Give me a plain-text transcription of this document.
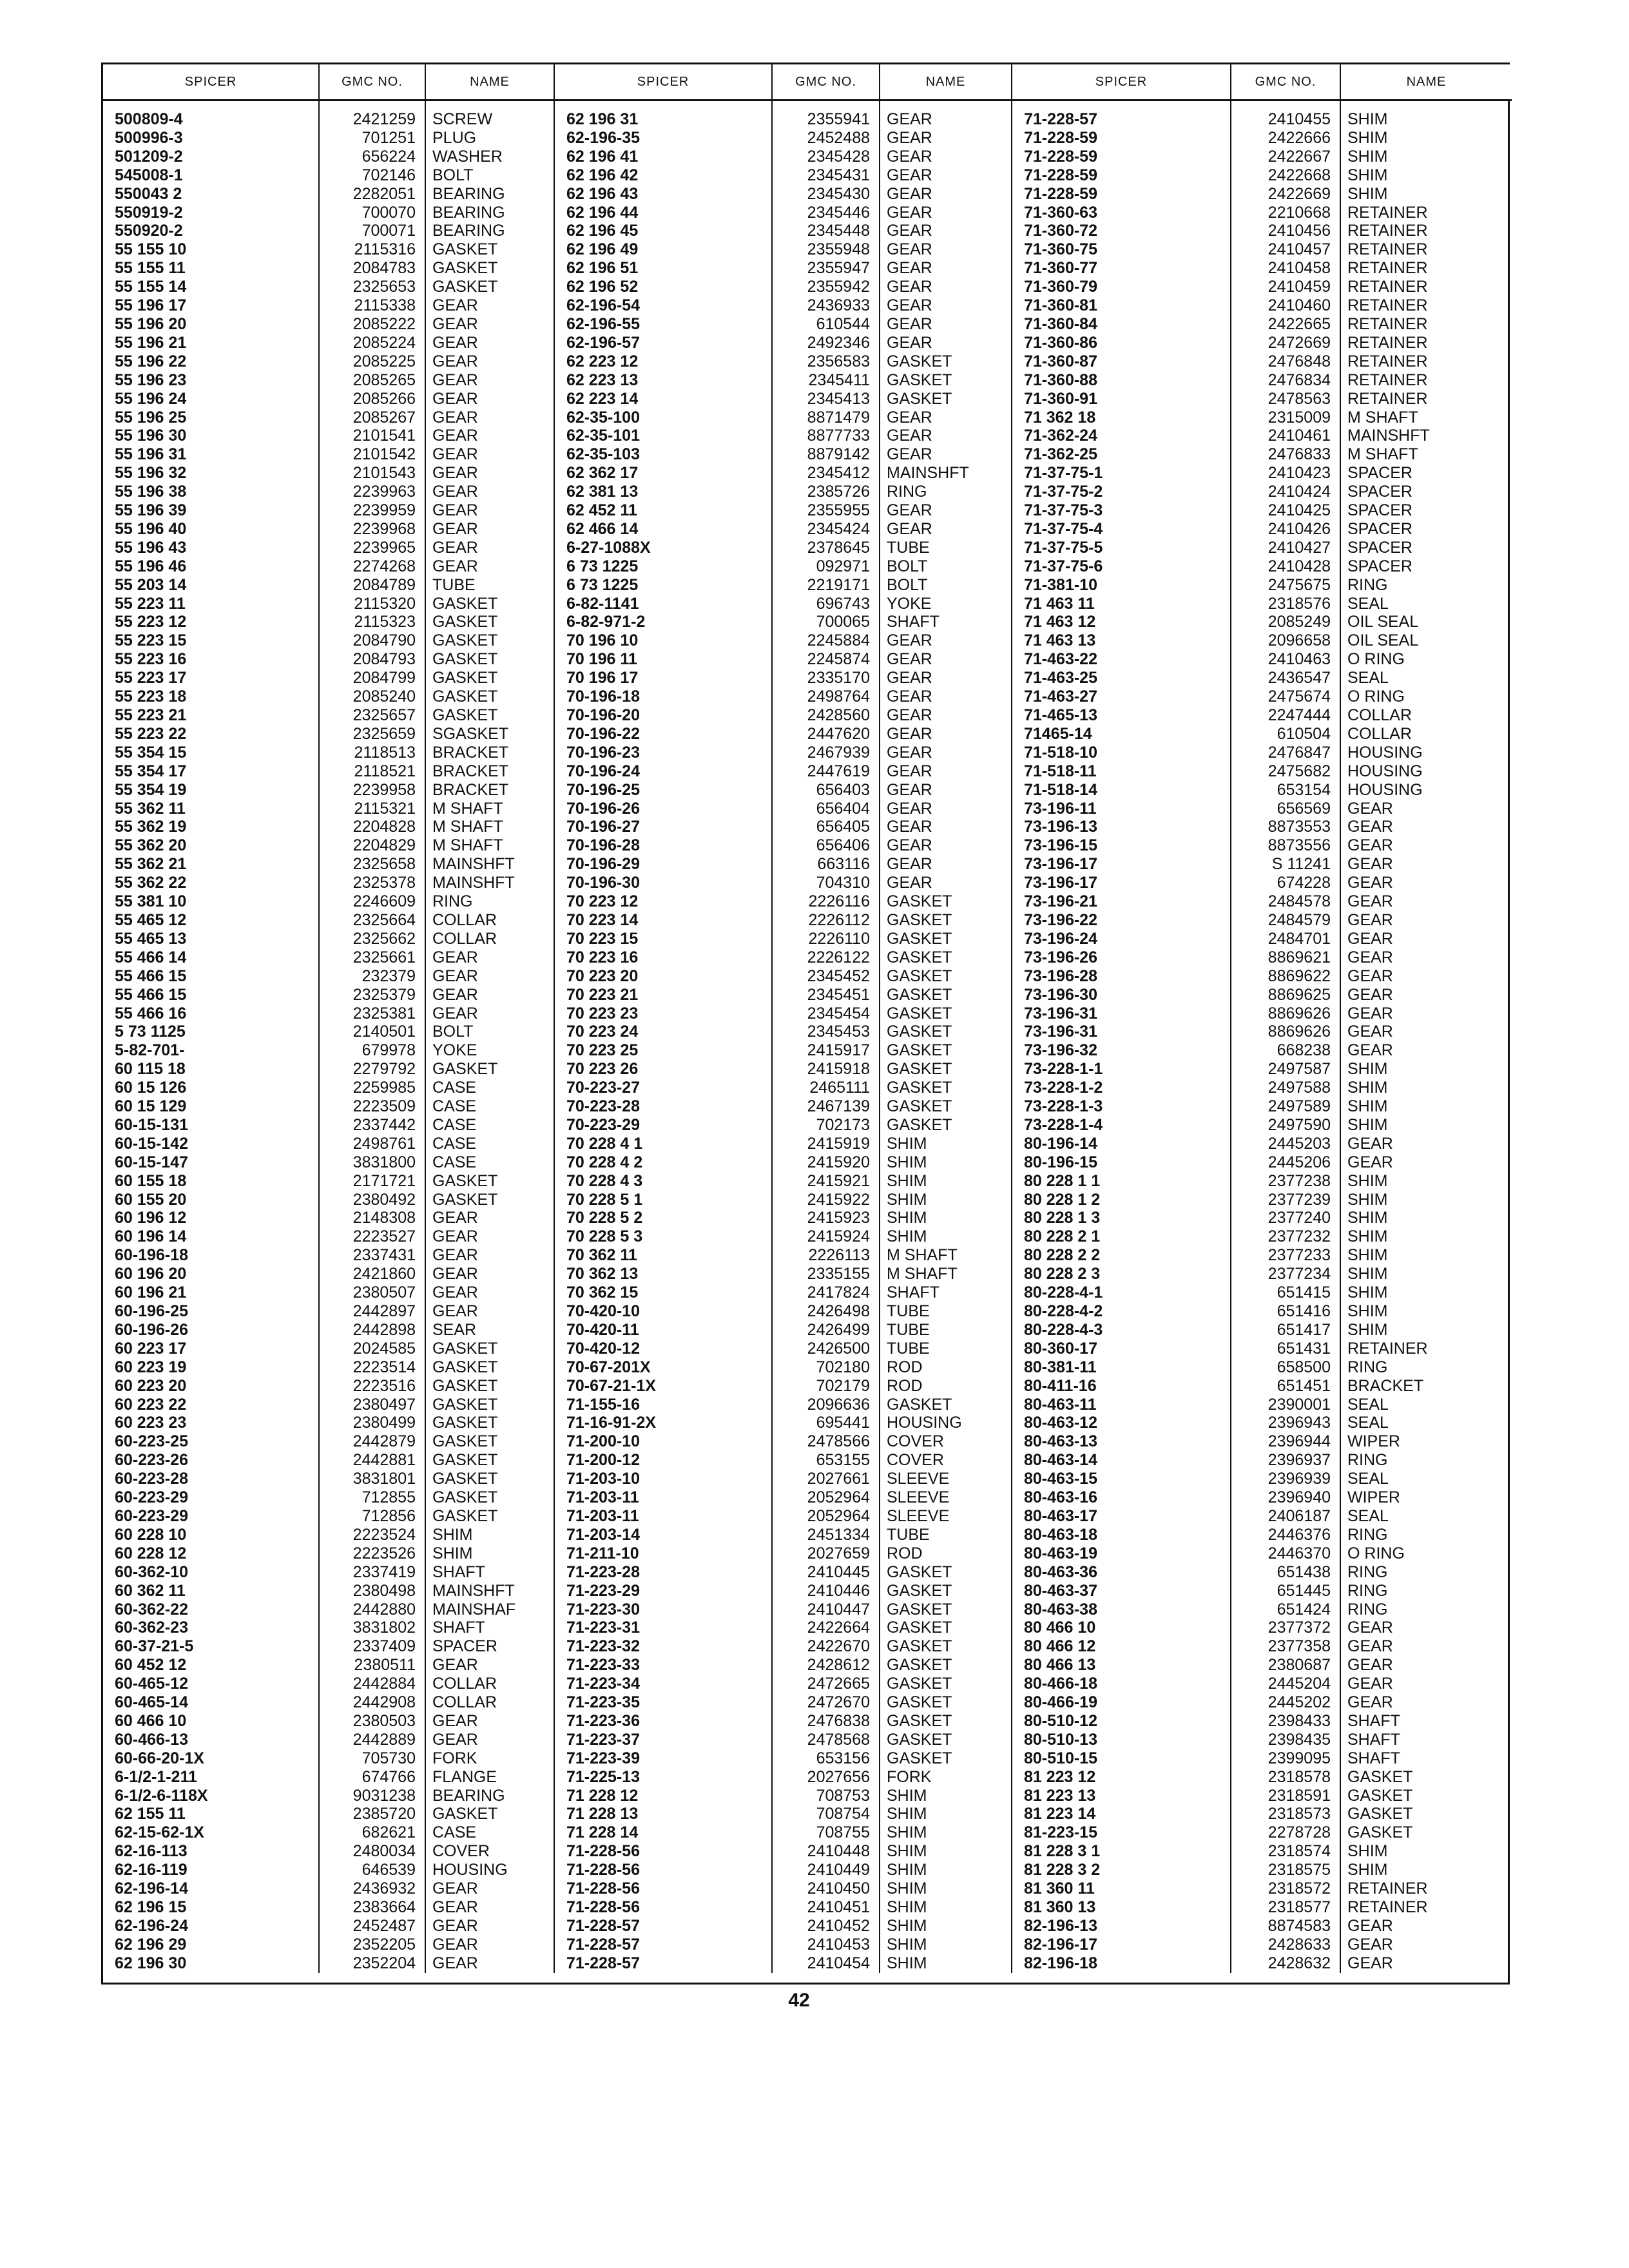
SPICER	GMC NO.	NAME	SPICER	GMC NO.	NAME	SPICER	GMC NO.	NAME
500809-4	2421259	SCREW	62 196 31	2355941	GEAR	71-228-57	2410455	SHIM
500996-3	701251	PLUG	62-196-35	2452488	GEAR	71-228-59	2422666	SHIM
501209-2	656224	WASHER	62 196 41	2345428	GEAR	71-228-59	2422667	SHIM
545008-1	702146	BOLT	62 196 42	2345431	GEAR	71-228-59	2422668	SHIM
550043 2	2282051	BEARING	62 196 43	2345430	GEAR	71-228-59	2422669	SHIM
550919-2	700070	BEARING	62 196 44	2345446	GEAR	71-360-63	2210668	RETAINER
550920-2	700071	BEARING	62 196 45	2345448	GEAR	71-360-72	2410456	RETAINER
55 155 10	2115316	GASKET	62 196 49	2355948	GEAR	71-360-75	2410457	RETAINER
55 155 11	2084783	GASKET	62 196 51	2355947	GEAR	71-360-77	2410458	RETAINER
55 155 14	2325653	GASKET	62 196 52	2355942	GEAR	71-360-79	2410459	RETAINER
55 196 17	2115338	GEAR	62-196-54	2436933	GEAR	71-360-81	2410460	RETAINER
55 196 20	2085222	GEAR	62-196-55	610544	GEAR	71-360-84	2422665	RETAINER
55 196 21	2085224	GEAR	62-196-57	2492346	GEAR	71-360-86	2472669	RETAINER
55 196 22	2085225	GEAR	62 223 12	2356583	GASKET	71-360-87	2476848	RETAINER
55 196 23	2085265	GEAR	62 223 13	2345411	GASKET	71-360-88	2476834	RETAINER
55 196 24	2085266	GEAR	62 223 14	2345413	GASKET	71-360-91	2478563	RETAINER
55 196 25	2085267	GEAR	62-35-100	8871479	GEAR	71 362 18	2315009	M SHAFT
55 196 30	2101541	GEAR	62-35-101	8877733	GEAR	71-362-24	2410461	MAINSHFT
55 196 31	2101542	GEAR	62-35-103	8879142	GEAR	71-362-25	2476833	M SHAFT
55 196 32	2101543	GEAR	62 362 17	2345412	MAINSHFT	71-37-75-1	2410423	SPACER
55 196 38	2239963	GEAR	62 381 13	2385726	RING	71-37-75-2	2410424	SPACER
55 196 39	2239959	GEAR	62 452 11	2355955	GEAR	71-37-75-3	2410425	SPACER
55 196 40	2239968	GEAR	62 466 14	2345424	GEAR	71-37-75-4	2410426	SPACER
55 196 43	2239965	GEAR	6-27-1088X	2378645	TUBE	71-37-75-5	2410427	SPACER
55 196 46	2274268	GEAR	6 73 1225	092971	BOLT	71-37-75-6	2410428	SPACER
55 203 14	2084789	TUBE	6 73 1225	2219171	BOLT	71-381-10	2475675	RING
55 223 11	2115320	GASKET	6-82-1141	696743	YOKE	71 463 11	2318576	SEAL
55 223 12	2115323	GASKET	6-82-971-2	700065	SHAFT	71 463 12	2085249	OIL SEAL
55 223 15	2084790	GASKET	70 196 10	2245884	GEAR	71 463 13	2096658	OIL SEAL
55 223 16	2084793	GASKET	70 196 11	2245874	GEAR	71-463-22	2410463	O RING
55 223 17	2084799	GASKET	70 196 17	2335170	GEAR	71-463-25	2436547	SEAL
55 223 18	2085240	GASKET	70-196-18	2498764	GEAR	71-463-27	2475674	O RING
55 223 21	2325657	GASKET	70-196-20	2428560	GEAR	71-465-13	2247444	COLLAR
55 223 22	2325659	SGASKET	70-196-22	2447620	GEAR	71465-14	610504	COLLAR
55 354 15	2118513	BRACKET	70-196-23	2467939	GEAR	71-518-10	2476847	HOUSING
55 354 17	2118521	BRACKET	70-196-24	2447619	GEAR	71-518-11	2475682	HOUSING
55 354 19	2239958	BRACKET	70-196-25	656403	GEAR	71-518-14	653154	HOUSING
55 362 11	2115321	M SHAFT	70-196-26	656404	GEAR	73-196-11	656569	GEAR
55 362 19	2204828	M SHAFT	70-196-27	656405	GEAR	73-196-13	8873553	GEAR
55 362 20	2204829	M SHAFT	70-196-28	656406	GEAR	73-196-15	8873556	GEAR
55 362 21	2325658	MAINSHFT	70-196-29	663116	GEAR	73-196-17	S 11241	GEAR
55 362 22	2325378	MAINSHFT	70-196-30	704310	GEAR	73-196-17	674228	GEAR
55 381 10	2246609	RING	70 223 12	2226116	GASKET	73-196-21	2484578	GEAR
55 465 12	2325664	COLLAR	70 223 14	2226112	GASKET	73-196-22	2484579	GEAR
55 465 13	2325662	COLLAR	70 223 15	2226110	GASKET	73-196-24	2484701	GEAR
55 466 14	2325661	GEAR	70 223 16	2226122	GASKET	73-196-26	8869621	GEAR
55 466 15	232379	GEAR	70 223 20	2345452	GASKET	73-196-28	8869622	GEAR
55 466 15	2325379	GEAR	70 223 21	2345451	GASKET	73-196-30	8869625	GEAR
55 466 16	2325381	GEAR	70 223 23	2345454	GASKET	73-196-31	8869626	GEAR
5 73 1125	2140501	BOLT	70 223 24	2345453	GASKET	73-196-31	8869626	GEAR
5-82-701-	679978	YOKE	70 223 25	2415917	GASKET	73-196-32	668238	GEAR
60 115 18	2279792	GASKET	70 223 26	2415918	GASKET	73-228-1-1	2497587	SHIM
60 15 126	2259985	CASE	70-223-27	2465111	GASKET	73-228-1-2	2497588	SHIM
60 15 129	2223509	CASE	70-223-28	2467139	GASKET	73-228-1-3	2497589	SHIM
60-15-131	2337442	CASE	70-223-29	702173	GASKET	73-228-1-4	2497590	SHIM
60-15-142	2498761	CASE	70 228 4 1	2415919	SHIM	80-196-14	2445203	GEAR
60-15-147	3831800	CASE	70 228 4 2	2415920	SHIM	80-196-15	2445206	GEAR
60 155 18	2171721	GASKET	70 228 4 3	2415921	SHIM	80 228 1 1	2377238	SHIM
60 155 20	2380492	GASKET	70 228 5 1	2415922	SHIM	80 228 1 2	2377239	SHIM
60 196 12	2148308	GEAR	70 228 5 2	2415923	SHIM	80 228 1 3	2377240	SHIM
60 196 14	2223527	GEAR	70 228 5 3	2415924	SHIM	80 228 2 1	2377232	SHIM
60-196-18	2337431	GEAR	70 362 11	2226113	M SHAFT	80 228 2 2	2377233	SHIM
60 196 20	2421860	GEAR	70 362 13	2335155	M SHAFT	80 228 2 3	2377234	SHIM
60 196 21	2380507	GEAR	70 362 15	2417824	SHAFT	80-228-4-1	651415	SHIM
60-196-25	2442897	GEAR	70-420-10	2426498	TUBE	80-228-4-2	651416	SHIM
60-196-26	2442898	SEAR	70-420-11	2426499	TUBE	80-228-4-3	651417	SHIM
60 223 17	2024585	GASKET	70-420-12	2426500	TUBE	80-360-17	651431	RETAINER
60 223 19	2223514	GASKET	70-67-201X	702180	ROD	80-381-11	658500	RING
60 223 20	2223516	GASKET	70-67-21-1X	702179	ROD	80-411-16	651451	BRACKET
60 223 22	2380497	GASKET	71-155-16	2096636	GASKET	80-463-11	2390001	SEAL
60 223 23	2380499	GASKET	71-16-91-2X	695441	HOUSING	80-463-12	2396943	SEAL
60-223-25	2442879	GASKET	71-200-10	2478566	COVER	80-463-13	2396944	WIPER
60-223-26	2442881	GASKET	71-200-12	653155	COVER	80-463-14	2396937	RING
60-223-28	3831801	GASKET	71-203-10	2027661	SLEEVE	80-463-15	2396939	SEAL
60-223-29	712855	GASKET	71-203-11	2052964	SLEEVE	80-463-16	2396940	WIPER
60-223-29	712856	GASKET	71-203-11	2052964	SLEEVE	80-463-17	2406187	SEAL
60 228 10	2223524	SHIM	71-203-14	2451334	TUBE	80-463-18	2446376	RING
60 228 12	2223526	SHIM	71-211-10	2027659	ROD	80-463-19	2446370	O RING
60-362-10	2337419	SHAFT	71-223-28	2410445	GASKET	80-463-36	651438	RING
60 362 11	2380498	MAINSHFT	71-223-29	2410446	GASKET	80-463-37	651445	RING
60-362-22	2442880	MAINSHAF	71-223-30	2410447	GASKET	80-463-38	651424	RING
60-362-23	3831802	SHAFT	71-223-31	2422664	GASKET	80 466 10	2377372	GEAR
60-37-21-5	2337409	SPACER	71-223-32	2422670	GASKET	80 466 12	2377358	GEAR
60 452 12	2380511	GEAR	71-223-33	2428612	GASKET	80 466 13	2380687	GEAR
60-465-12	2442884	COLLAR	71-223-34	2472665	GASKET	80-466-18	2445204	GEAR
60-465-14	2442908	COLLAR	71-223-35	2472670	GASKET	80-466-19	2445202	GEAR
60 466 10	2380503	GEAR	71-223-36	2476838	GASKET	80-510-12	2398433	SHAFT
60-466-13	2442889	GEAR	71-223-37	2478568	GASKET	80-510-13	2398435	SHAFT
60-66-20-1X	705730	FORK	71-223-39	653156	GASKET	80-510-15	2399095	SHAFT
6-1/2-1-211	674766	FLANGE	71-225-13	2027656	FORK	81 223 12	2318578	GASKET
6-1/2-6-118X	9031238	BEARING	71 228 12	708753	SHIM	81 223 13	2318591	GASKET
62 155 11	2385720	GASKET	71 228 13	708754	SHIM	81 223 14	2318573	GASKET
62-15-62-1X	682621	CASE	71 228 14	708755	SHIM	81-223-15	2278728	GASKET
62-16-113	2480034	COVER	71-228-56	2410448	SHIM	81 228 3 1	2318574	SHIM
62-16-119	646539	HOUSING	71-228-56	2410449	SHIM	81 228 3 2	2318575	SHIM
62-196-14	2436932	GEAR	71-228-56	2410450	SHIM	81 360 11	2318572	RETAINER
62 196 15	2383664	GEAR	71-228-56	2410451	SHIM	81 360 13	2318577	RETAINER
62-196-24	2452487	GEAR	71-228-57	2410452	SHIM	82-196-13	8874583	GEAR
62 196 29	2352205	GEAR	71-228-57	2410453	SHIM	82-196-17	2428633	GEAR
62 196 30	2352204	GEAR	71-228-57	2410454	SHIM	82-196-18	2428632	GEAR
42
